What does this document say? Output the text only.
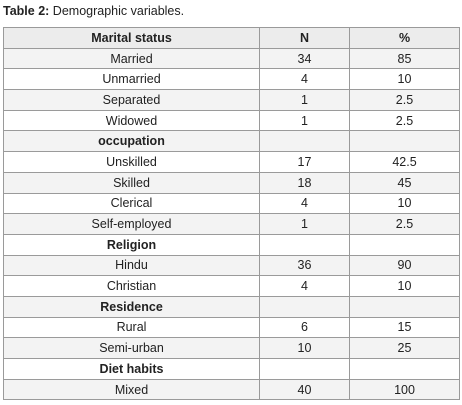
Table 2: Demographic variables.
Marital status	N	%
Married	34	85
Unmarried	4	10
Separated	1	2.5
Widowed	1	2.5
occupation		
Unskilled	17	42.5
Skilled	18	45
Clerical	4	10
Self-employed	1	2.5
Religion		
Hindu	36	90
Christian	4	10
Residence		
Rural	6	15
Semi-urban	10	25
Diet habits		
Mixed	40	100
